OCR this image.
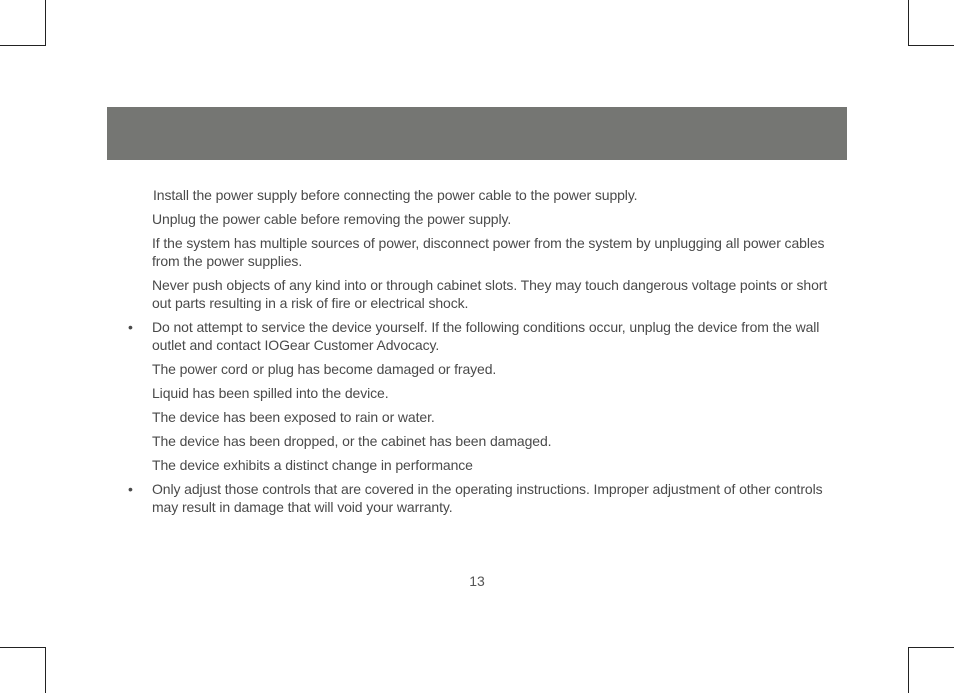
Install the power supply before connecting the power cable to the power supply.
Unplug the power cable before removing the power supply.
If the system has multiple sources of power, disconnect power from the system by unplugging all power cables from the power supplies.
Never push objects of any kind into or through cabinet slots. They may touch dangerous voltage points or short out parts resulting in a risk of fire or electrical shock.
• Do not attempt to service the device yourself. If the following conditions occur, unplug the device from the wall outlet and contact IOGear Customer Advocacy.
The power cord or plug has become damaged or frayed.
Liquid has been spilled into the device.
The device has been exposed to rain or water.
The device has been dropped, or the cabinet has been damaged.
The device exhibits a distinct change in performance
• Only adjust those controls that are covered in the operating instructions. Improper adjustment of other controls may result in damage that will void your warranty.
13
